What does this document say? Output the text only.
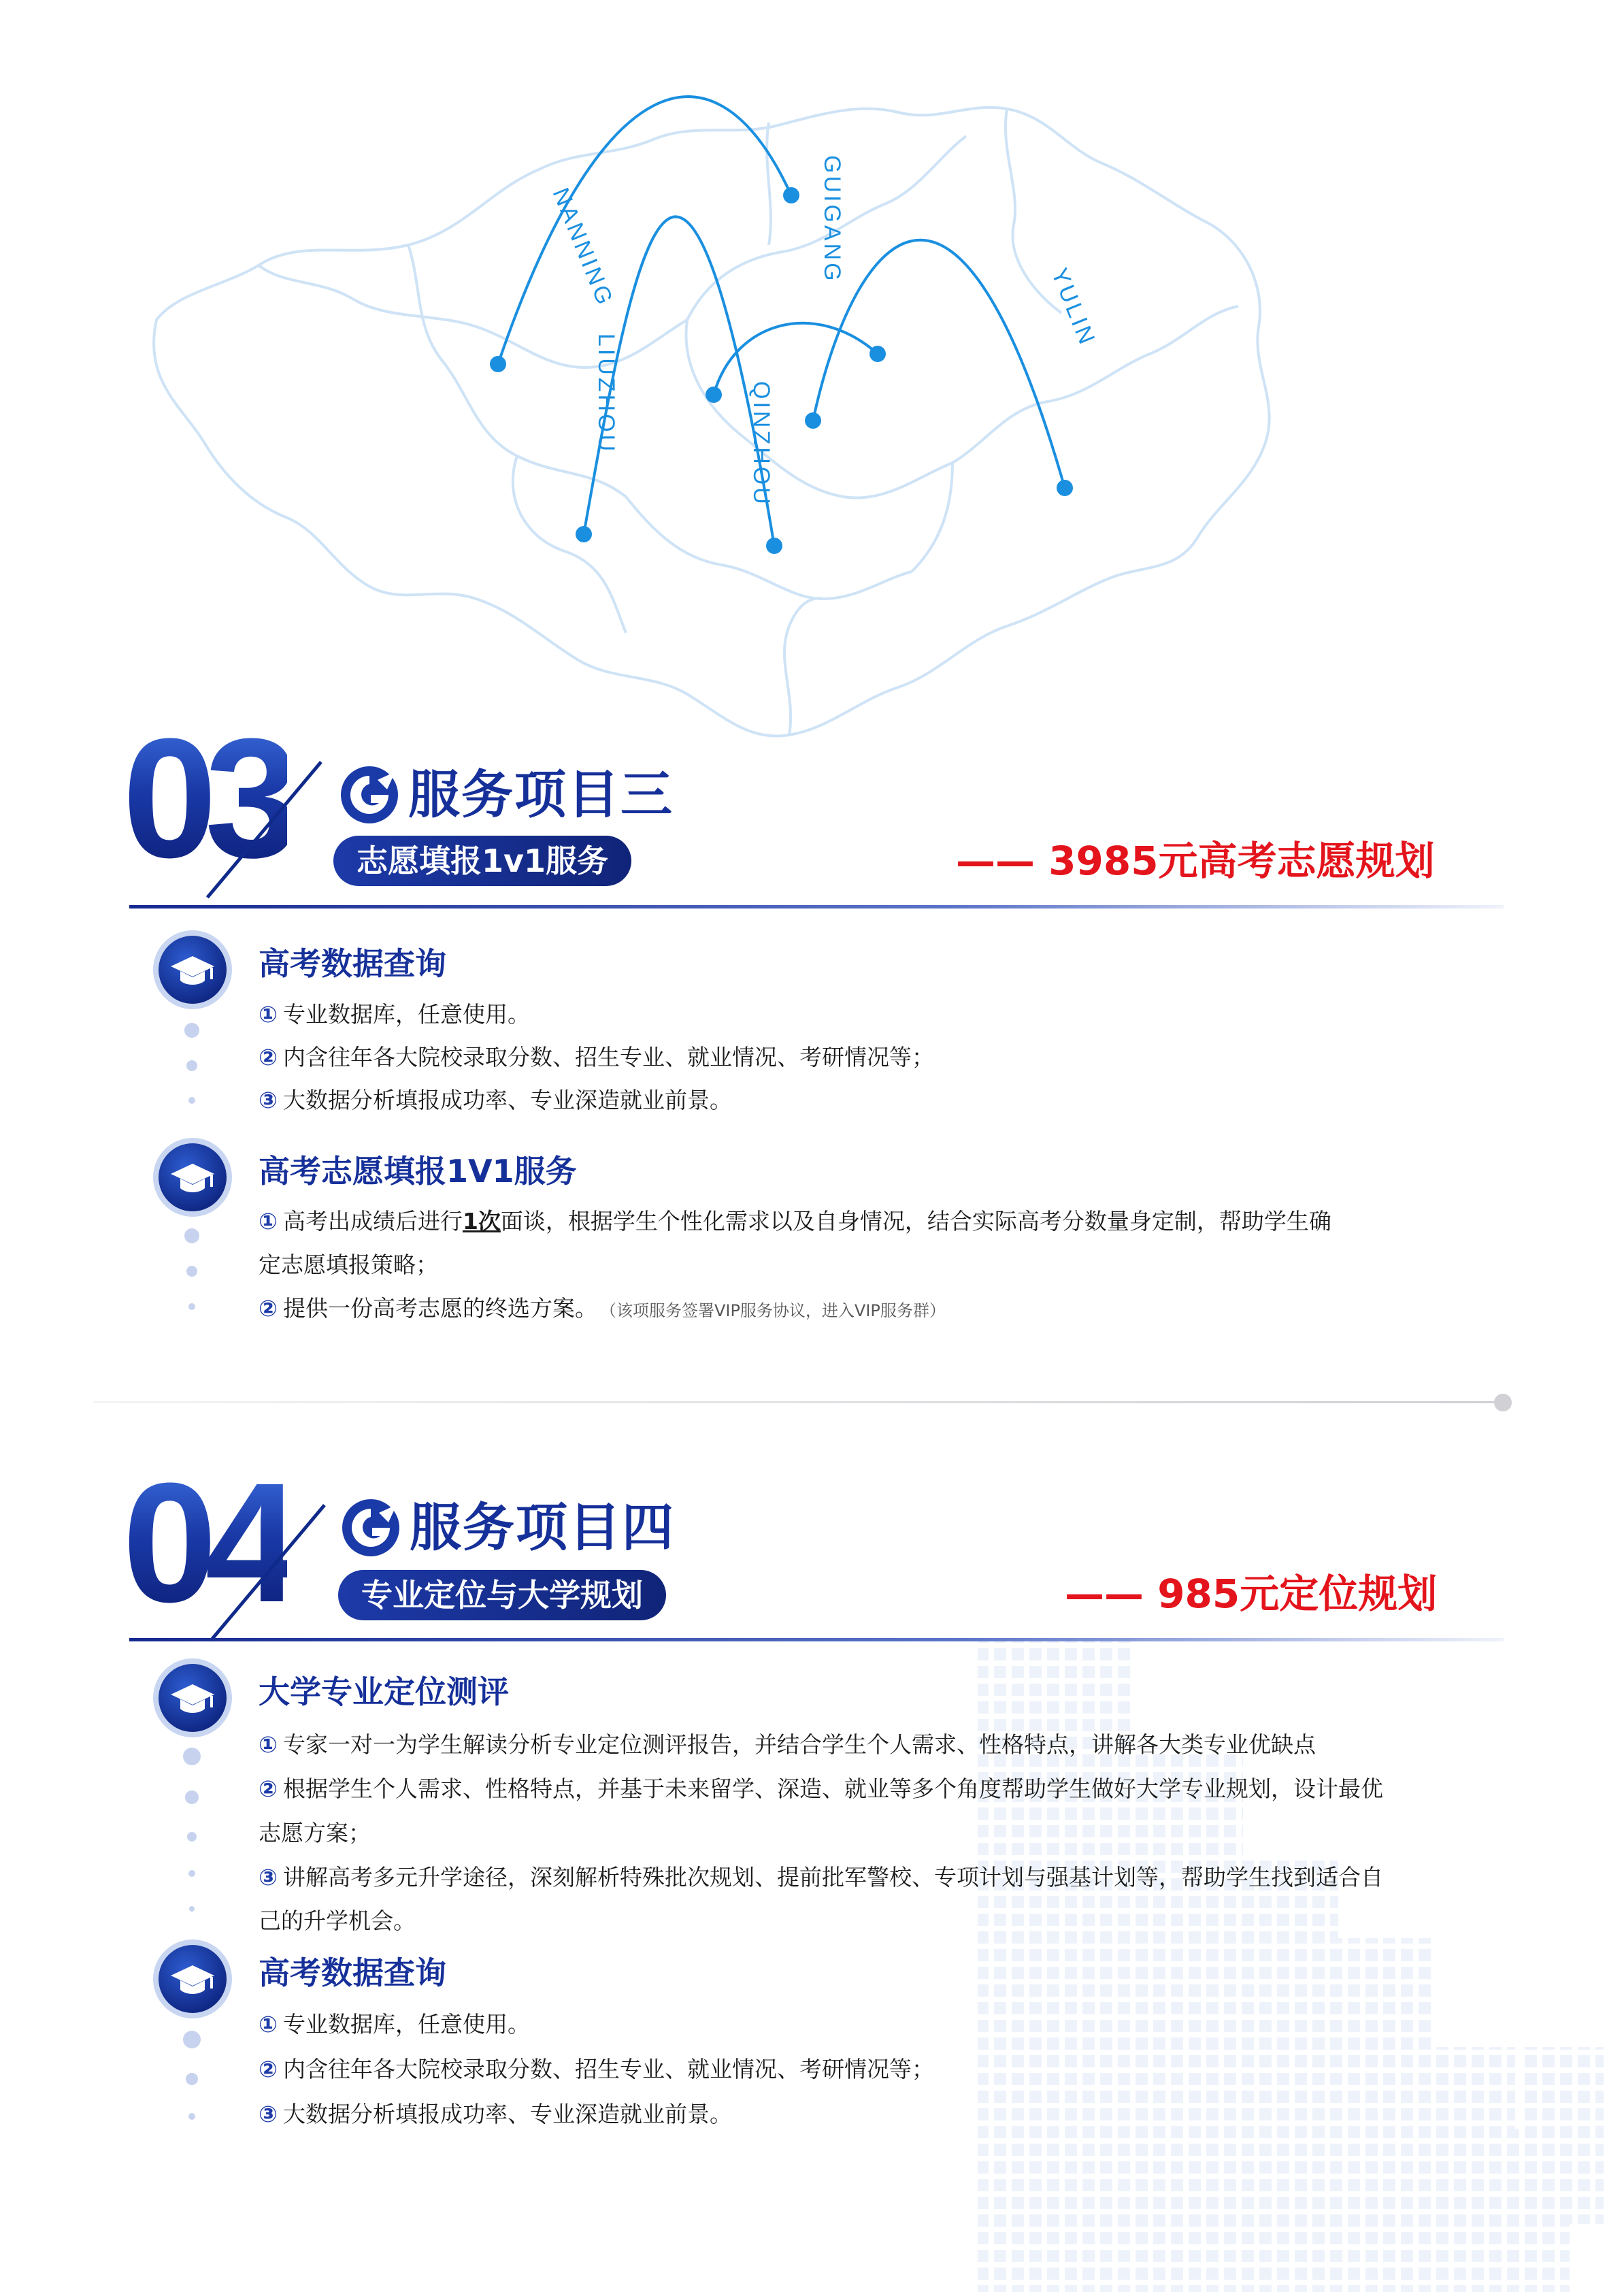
NANNING	GUIGANG
YULIN
LIUZHOU	QINZHOU
03 服务项目三
志愿填报1v1服务	—— 3985元高考志愿规划
高考数据查询
① 专业数据库，任意使用。
② 内含往年各大院校录取分数、招生专业、就业情况、考研情况等；
③ 大数据分析填报成功率、专业深造就业前景。
高考志愿填报1V1服务
① 高考出成绩后进行1次面谈，根据学生个性化需求以及自身情况，结合实际高考分数量身定制，帮助学生确
定志愿填报策略；
② 提供一份高考志愿的终选方案。 （该项服务签署VIP服务协议，进入VIP服务群）
04 服务项目四
专业定位与大学规划	—— 985元定位规划
大学专业定位测评
① 专家一对一为学生解读分析专业定位测评报告，并结合学生个人需求、性格特点，讲解各大类专业优缺点
② 根据学生个人需求、性格特点，并基于未来留学、深造、就业等多个角度帮助学生做好大学专业规划，设计最优
志愿方案；
③ 讲解高考多元升学途径，深刻解析特殊批次规划、提前批军警校、专项计划与强基计划等，帮助学生找到适合自
己的升学机会。
高考数据查询
① 专业数据库，任意使用。
② 内含往年各大院校录取分数、招生专业、就业情况、考研情况等；
③ 大数据分析填报成功率、专业深造就业前景。
